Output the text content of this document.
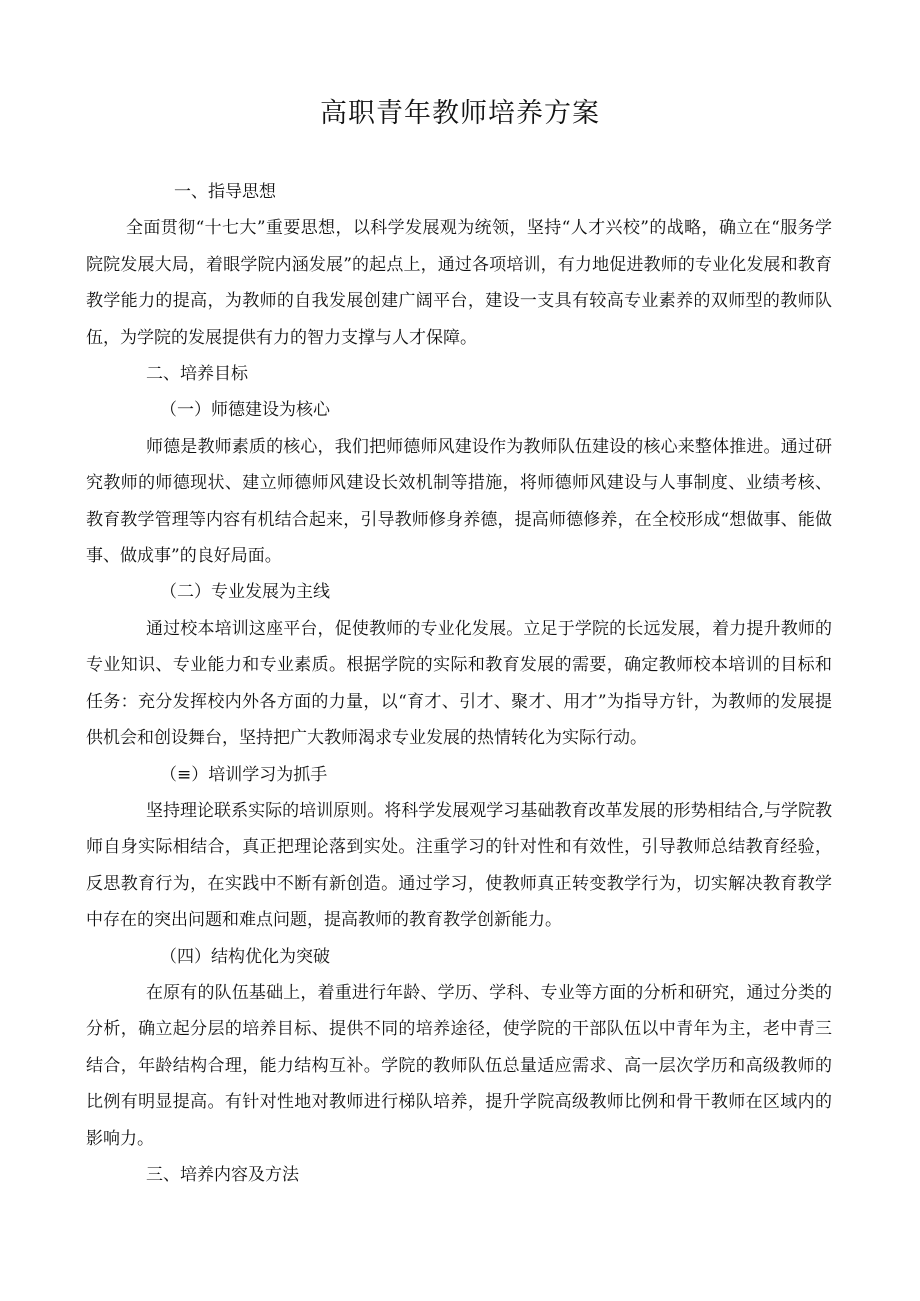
高职青年教师培养方案
一、指导思想

全面贯彻“十七大”重要思想，以科学发展观为统领，坚持“人才兴校”的战略，确立在“服务学院院发展大局，着眼学院内涵发展”的起点上，通过各项培训，有力地促进教师的专业化发展和教育教学能力的提高，为教师的自我发展创建广阔平台，建设一支具有较高专业素养的双师型的教师队伍，为学院的发展提供有力的智力支撑与人才保障。

二、培养目标
（一）师德建设为核心

师德是教师素质的核心，我们把师德师风建设作为教师队伍建设的核心来整体推进。通过研究教师的师德现状、建立师德师风建设长效机制等措施，将师德师风建设与人事制度、业绩考核、教育教学管理等内容有机结合起来，引导教师修身养德，提高师德修养，在全校形成“想做事、能做事、做成事”的良好局面。

（二）专业发展为主线

通过校本培训这座平台，促使教师的专业化发展。立足于学院的长远发展，着力提升教师的专业知识、专业能力和专业素质。根据学院的实际和教育发展的需要，确定教师校本培训的目标和任务：充分发挥校内外各方面的力量，以“育才、引才、聚才、用才”为指导方针，为教师的发展提供机会和创设舞台，坚持把广大教师渴求专业发展的热情转化为实际行动。

（≡）培训学习为抓手

坚持理论联系实际的培训原则。将科学发展观学习基础教育改革发展的形势相结合,与学院教师自身实际相结合，真正把理论落到实处。注重学习的针对性和有效性，引导教师总结教育经验，反思教育行为，在实践中不断有新创造。通过学习，使教师真正转变教学行为，切实解决教育教学中存在的突出问题和难点问题，提高教师的教育教学创新能力。

（四）结构优化为突破

在原有的队伍基础上，着重进行年龄、学历、学科、专业等方面的分析和研究，通过分类的分析，确立起分层的培养目标、提供不同的培养途径，使学院的干部队伍以中青年为主，老中青三结合，年龄结构合理，能力结构互补。学院的教师队伍总量适应需求、高一层次学历和高级教师的比例有明显提高。有针对性地对教师进行梯队培养，提升学院高级教师比例和骨干教师在区域内的影响力。

三、培养内容及方法
